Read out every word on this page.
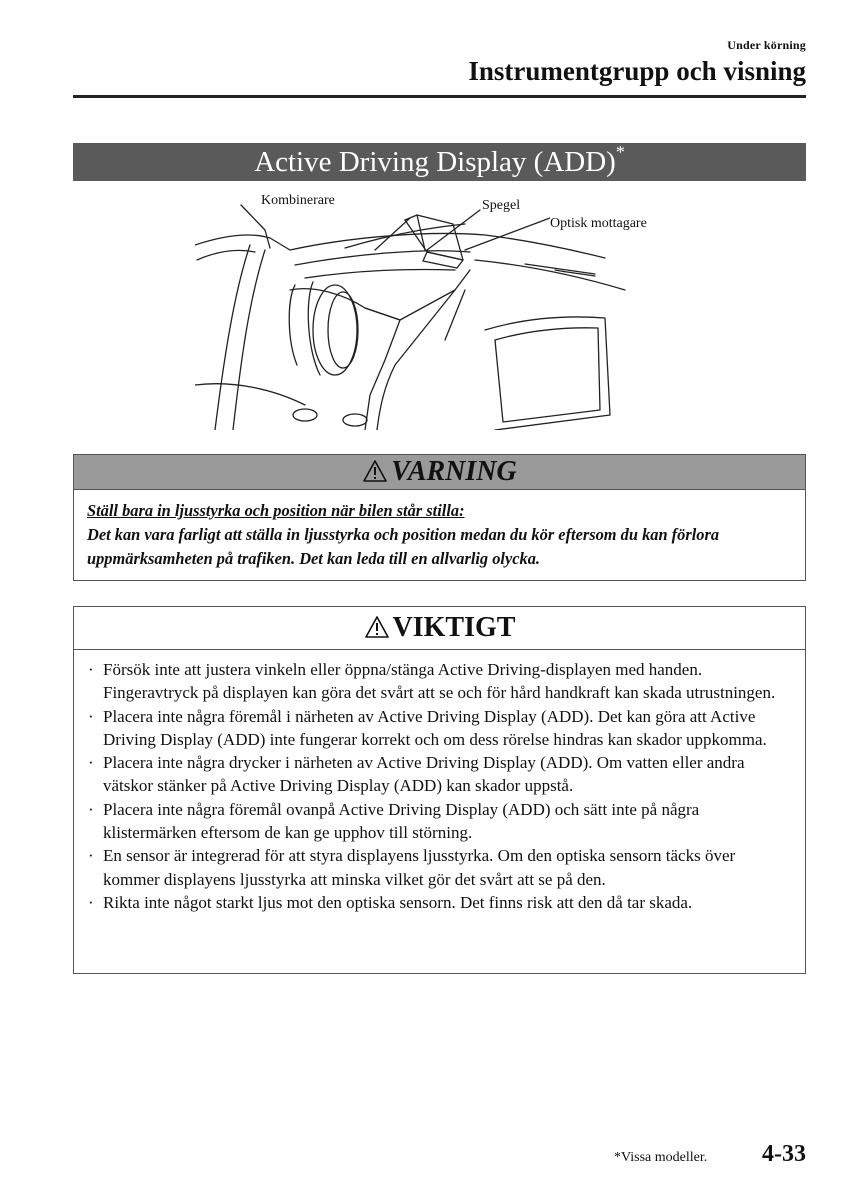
Under körning
Instrumentgrupp och visning
Active Driving Display (ADD)*
Kombinerare	Spegel
Optisk mottagare
VARNING
Ställ bara in ljusstyrka och position när bilen står stilla:
Det kan vara farligt att ställa in ljusstyrka och position medan du kör eftersom du kan förlora uppmärksamheten på trafiken. Det kan leda till en allvarlig olycka.
VIKTIGT
· Försök inte att justera vinkeln eller öppna/stänga Active Driving-displayen med handen. Fingeravtryck på displayen kan göra det svårt att se och för hård handkraft kan skada utrustningen.
· Placera inte några föremål i närheten av Active Driving Display (ADD). Det kan göra att Active Driving Display (ADD) inte fungerar korrekt och om dess rörelse hindras kan skador uppkomma.
· Placera inte några drycker i närheten av Active Driving Display (ADD). Om vatten eller andra vätskor stänker på Active Driving Display (ADD) kan skador uppstå.
· Placera inte några föremål ovanpå Active Driving Display (ADD) och sätt inte på några klistermärken eftersom de kan ge upphov till störning.
· En sensor är integrerad för att styra displayens ljusstyrka. Om den optiska sensorn täcks över kommer displayens ljusstyrka att minska vilket gör det svårt att se på den.
· Rikta inte något starkt ljus mot den optiska sensorn. Det finns risk att den då tar skada.
*Vissa modeller. 4-33
